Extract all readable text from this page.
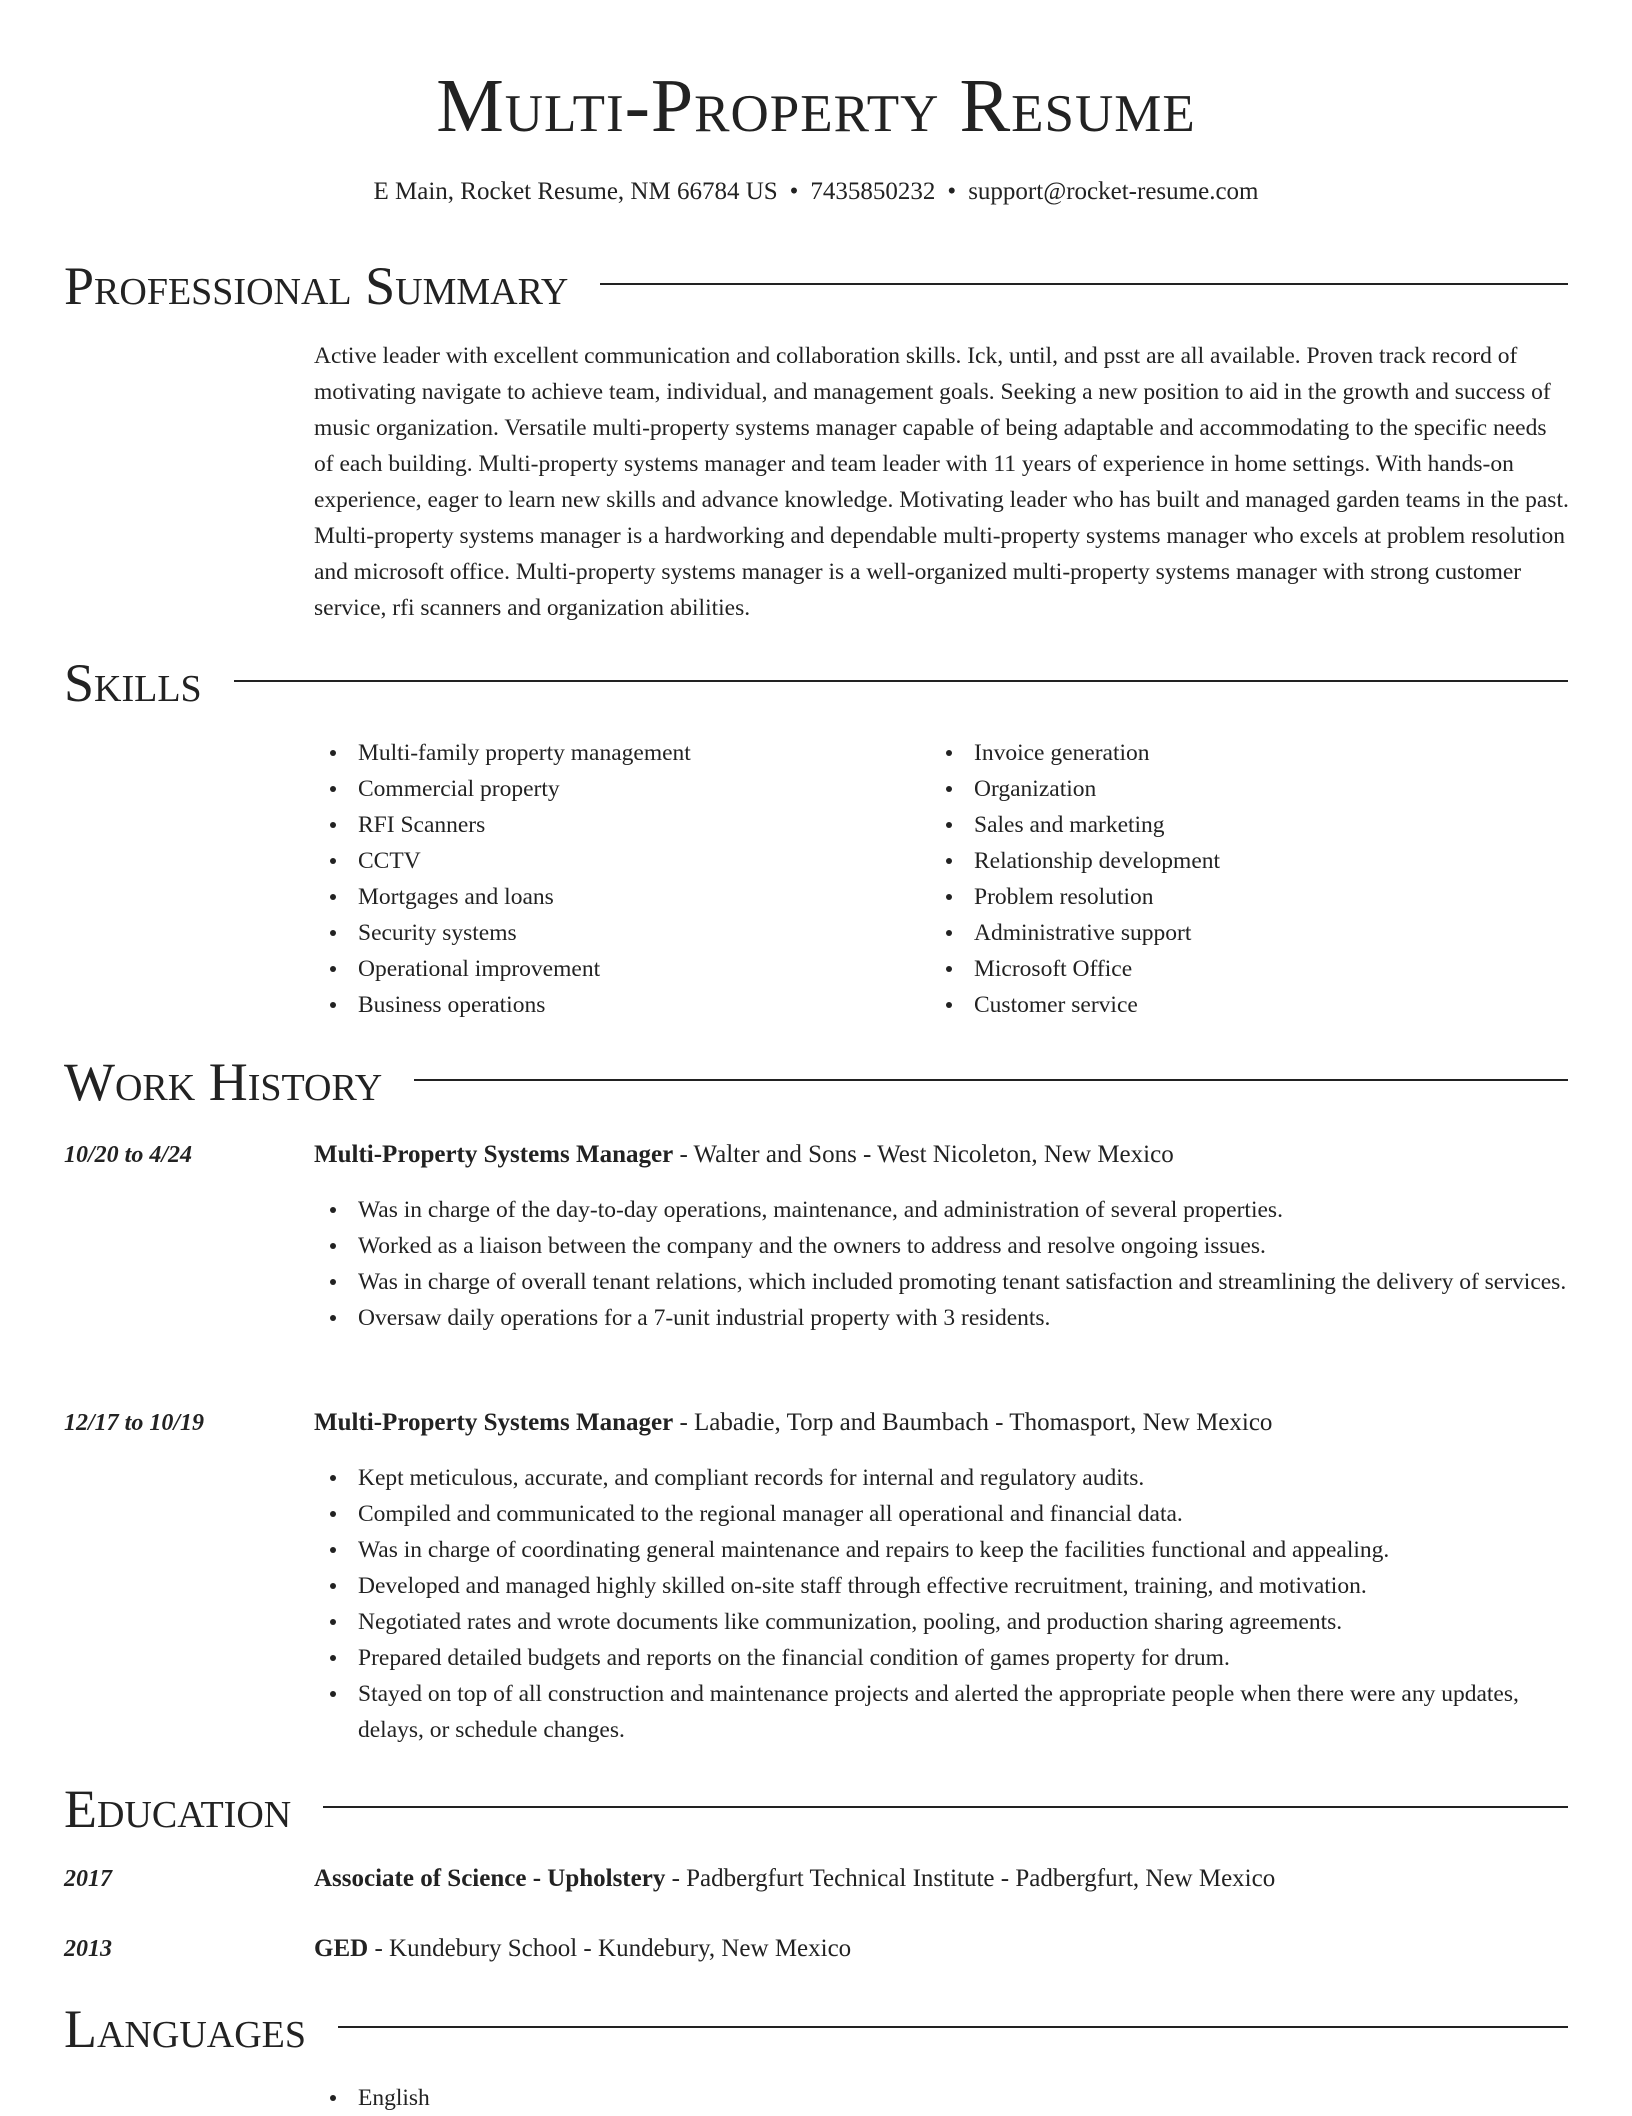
Multi-Property Resume
E Main, Rocket Resume, NM 66784 US • 7435850232 • support@rocket-resume.com
Professional Summary

Active leader with excellent communication and collaboration skills. Ick, until, and psst are all available. Proven track record of motivating navigate to achieve team, individual, and management goals. Seeking a new position to aid in the growth and success of music organization. Versatile multi-property systems manager capable of being adaptable and accommodating to the specific needs of each building. Multi-property systems manager and team leader with 11 years of experience in home settings. With hands-on experience, eager to learn new skills and advance knowledge. Motivating leader who has built and managed garden teams in the past. Multi-property systems manager is a hardworking and dependable multi-property systems manager who excels at problem resolution and microsoft office. Multi-property systems manager is a well-organized multi-property systems manager with strong customer service, rfi scanners and organization abilities.

Skills
Multi-family property management
Commercial property
RFI Scanners
CCTV
Mortgages and loans
Security systems
Operational improvement
Business operations
Invoice generation
Organization
Sales and marketing
Relationship development
Problem resolution
Administrative support
Microsoft Office
Customer service
Work History
10/20 to 4/24	Multi-Property Systems Manager - Walter and Sons - West Nicoleton, New Mexico
Was in charge of the day-to-day operations, maintenance, and administration of several properties.
Worked as a liaison between the company and the owners to address and resolve ongoing issues.
Was in charge of overall tenant relations, which included promoting tenant satisfaction and streamlining the delivery of services.
Oversaw daily operations for a 7-unit industrial property with 3 residents.
12/17 to 10/19	Multi-Property Systems Manager - Labadie, Torp and Baumbach - Thomasport, New Mexico
Kept meticulous, accurate, and compliant records for internal and regulatory audits.
Compiled and communicated to the regional manager all operational and financial data.
Was in charge of coordinating general maintenance and repairs to keep the facilities functional and appealing.
Developed and managed highly skilled on-site staff through effective recruitment, training, and motivation.
Negotiated rates and wrote documents like communization, pooling, and production sharing agreements.
Prepared detailed budgets and reports on the financial condition of games property for drum.
Stayed on top of all construction and maintenance projects and alerted the appropriate people when there were any updates, delays, or schedule changes.
Education
2017	Associate of Science - Upholstery - Padbergfurt Technical Institute - Padbergfurt, New Mexico
2013	GED - Kundebury School - Kundebury, New Mexico
Languages
English
